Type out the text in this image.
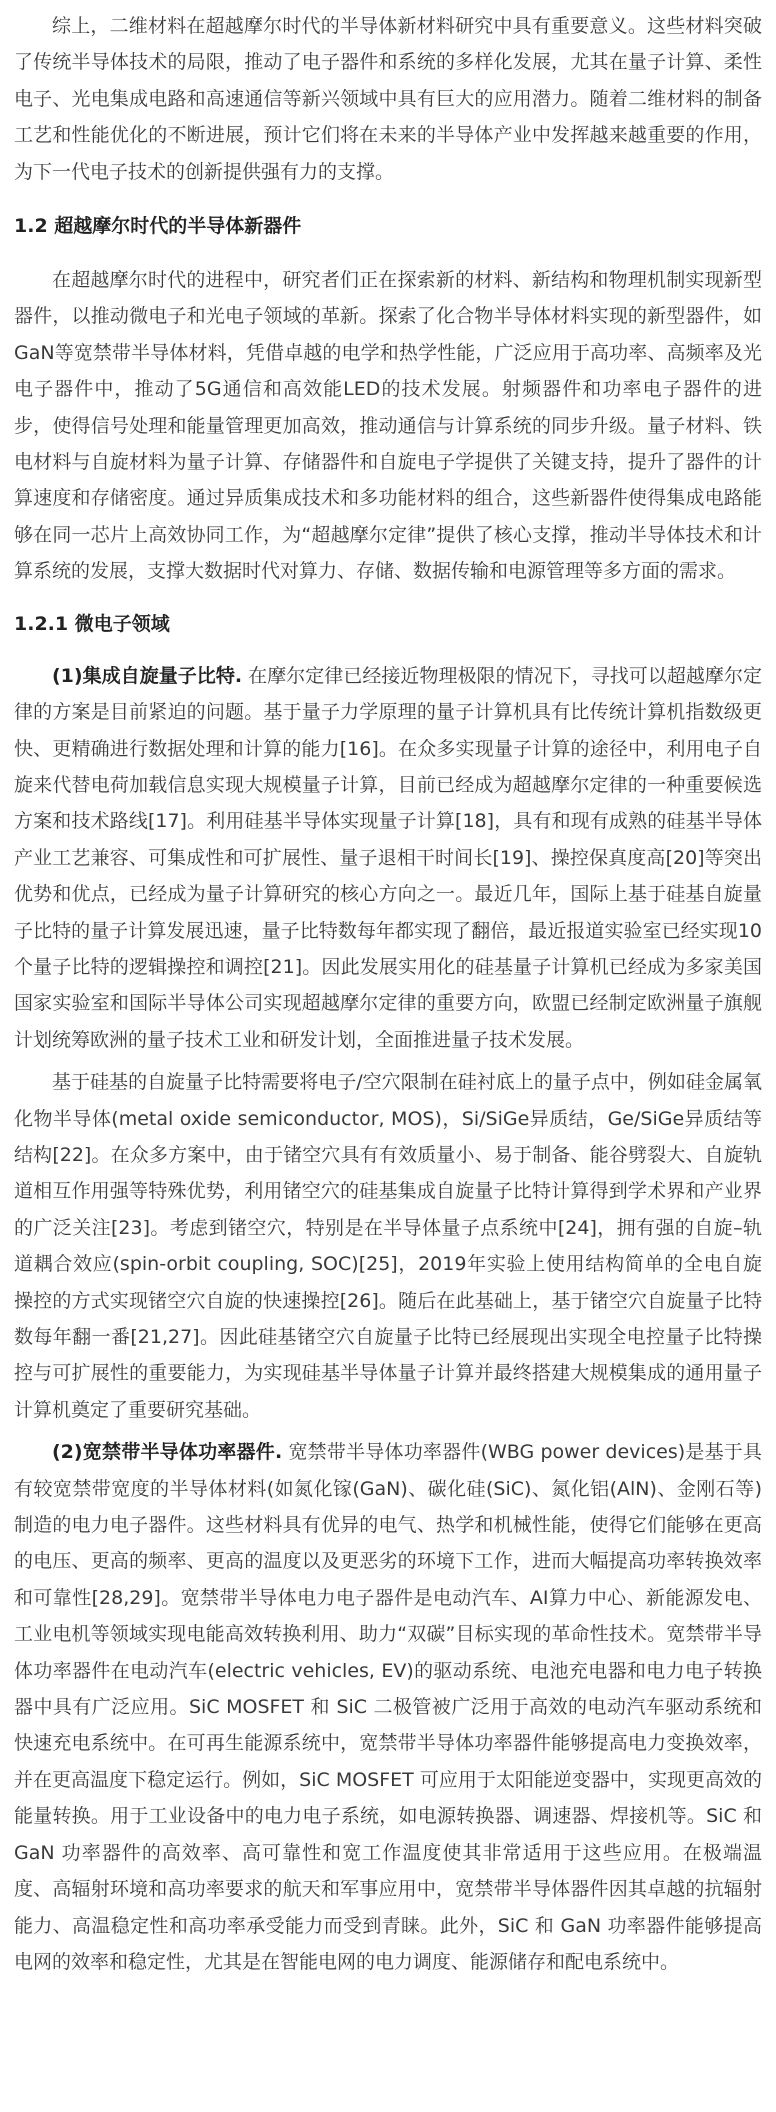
综上，二维材料在超越摩尔时代的半导体新材料研究中具有重要意义。这些材料突破了传统半导体技术的局限，推动了电子器件和系统的多样化发展，尤其在量子计算、柔性电子、光电集成电路和高速通信等新兴领域中具有巨大的应用潜力。随着二维材料的制备工艺和性能优化的不断进展，预计它们将在未来的半导体产业中发挥越来越重要的作用，为下一代电子技术的创新提供强有力的支撑。

1.2 超越摩尔时代的半导体新器件

在超越摩尔时代的进程中，研究者们正在探索新的材料、新结构和物理机制实现新型器件，以推动微电子和光电子领域的革新。探索了化合物半导体材料实现的新型器件，如GaN等宽禁带半导体材料，凭借卓越的电学和热学性能，广泛应用于高功率、高频率及光电子器件中，推动了5G通信和高效能LED的技术发展。射频器件和功率电子器件的进步，使得信号处理和能量管理更加高效，推动通信与计算系统的同步升级。量子材料、铁电材料与自旋材料为量子计算、存储器件和自旋电子学提供了关键支持，提升了器件的计算速度和存储密度。通过异质集成技术和多功能材料的组合，这些新器件使得集成电路能够在同一芯片上高效协同工作，为“超越摩尔定律”提供了核心支撑，推动半导体技术和计算系统的发展，支撑大数据时代对算力、存储、数据传输和电源管理等多方面的需求。

1.2.1 微电子领域

(1)集成自旋量子比特. 在摩尔定律已经接近物理极限的情况下，寻找可以超越摩尔定律的方案是目前紧迫的问题。基于量子力学原理的量子计算机具有比传统计算机指数级更快、更精确进行数据处理和计算的能力[16]。在众多实现量子计算的途径中，利用电子自旋来代替电荷加载信息实现大规模量子计算，目前已经成为超越摩尔定律的一种重要候选方案和技术路线[17]。利用硅基半导体实现量子计算[18]，具有和现有成熟的硅基半导体产业工艺兼容、可集成性和可扩展性、量子退相干时间长[19]、操控保真度高[20]等突出优势和优点，已经成为量子计算研究的核心方向之一。最近几年，国际上基于硅基自旋量子比特的量子计算发展迅速，量子比特数每年都实现了翻倍，最近报道实验室已经实现10个量子比特的逻辑操控和调控[21]。因此发展实用化的硅基量子计算机已经成为多家美国国家实验室和国际半导体公司实现超越摩尔定律的重要方向，欧盟已经制定欧洲量子旗舰计划统筹欧洲的量子技术工业和研发计划，全面推进量子技术发展。

基于硅基的自旋量子比特需要将电子/空穴限制在硅衬底上的量子点中，例如硅金属氧化物半导体(metal oxide semiconductor, MOS)，Si/SiGe异质结，Ge/SiGe异质结等结构[22]。在众多方案中，由于锗空穴具有有效质量小、易于制备、能谷劈裂大、自旋轨道相互作用强等特殊优势，利用锗空穴的硅基集成自旋量子比特计算得到学术界和产业界的广泛关注[23]。考虑到锗空穴，特别是在半导体量子点系统中[24]，拥有强的自旋–轨道耦合效应(spin-orbit coupling, SOC)[25]，2019年实验上使用结构简单的全电自旋操控的方式实现锗空穴自旋的快速操控[26]。随后在此基础上，基于锗空穴自旋量子比特数每年翻一番[21,27]。因此硅基锗空穴自旋量子比特已经展现出实现全电控量子比特操控与可扩展性的重要能力，为实现硅基半导体量子计算并最终搭建大规模集成的通用量子计算机奠定了重要研究基础。

(2)宽禁带半导体功率器件. 宽禁带半导体功率器件(WBG power devices)是基于具有较宽禁带宽度的半导体材料(如氮化镓(GaN)、碳化硅(SiC)、氮化铝(AlN)、金刚石等)制造的电力电子器件。这些材料具有优异的电气、热学和机械性能，使得它们能够在更高的电压、更高的频率、更高的温度以及更恶劣的环境下工作，进而大幅提高功率转换效率和可靠性[28,29]。宽禁带半导体电力电子器件是电动汽车、AI算力中心、新能源发电、工业电机等领域实现电能高效转换利用、助力“双碳”目标实现的革命性技术。宽禁带半导体功率器件在电动汽车(electric vehicles, EV)的驱动系统、电池充电器和电力电子转换器中具有广泛应用。SiC MOSFET 和 SiC 二极管被广泛用于高效的电动汽车驱动系统和快速充电系统中。在可再生能源系统中，宽禁带半导体功率器件能够提高电力变换效率，并在更高温度下稳定运行。例如，SiC MOSFET 可应用于太阳能逆变器中，实现更高效的能量转换。用于工业设备中的电力电子系统，如电源转换器、调速器、焊接机等。SiC 和 GaN 功率器件的高效率、高可靠性和宽工作温度使其非常适用于这些应用。在极端温度、高辐射环境和高功率要求的航天和军事应用中，宽禁带半导体器件因其卓越的抗辐射能力、高温稳定性和高功率承受能力而受到青睐。此外，SiC 和 GaN 功率器件能够提高电网的效率和稳定性，尤其是在智能电网的电力调度、能源储存和配电系统中。
